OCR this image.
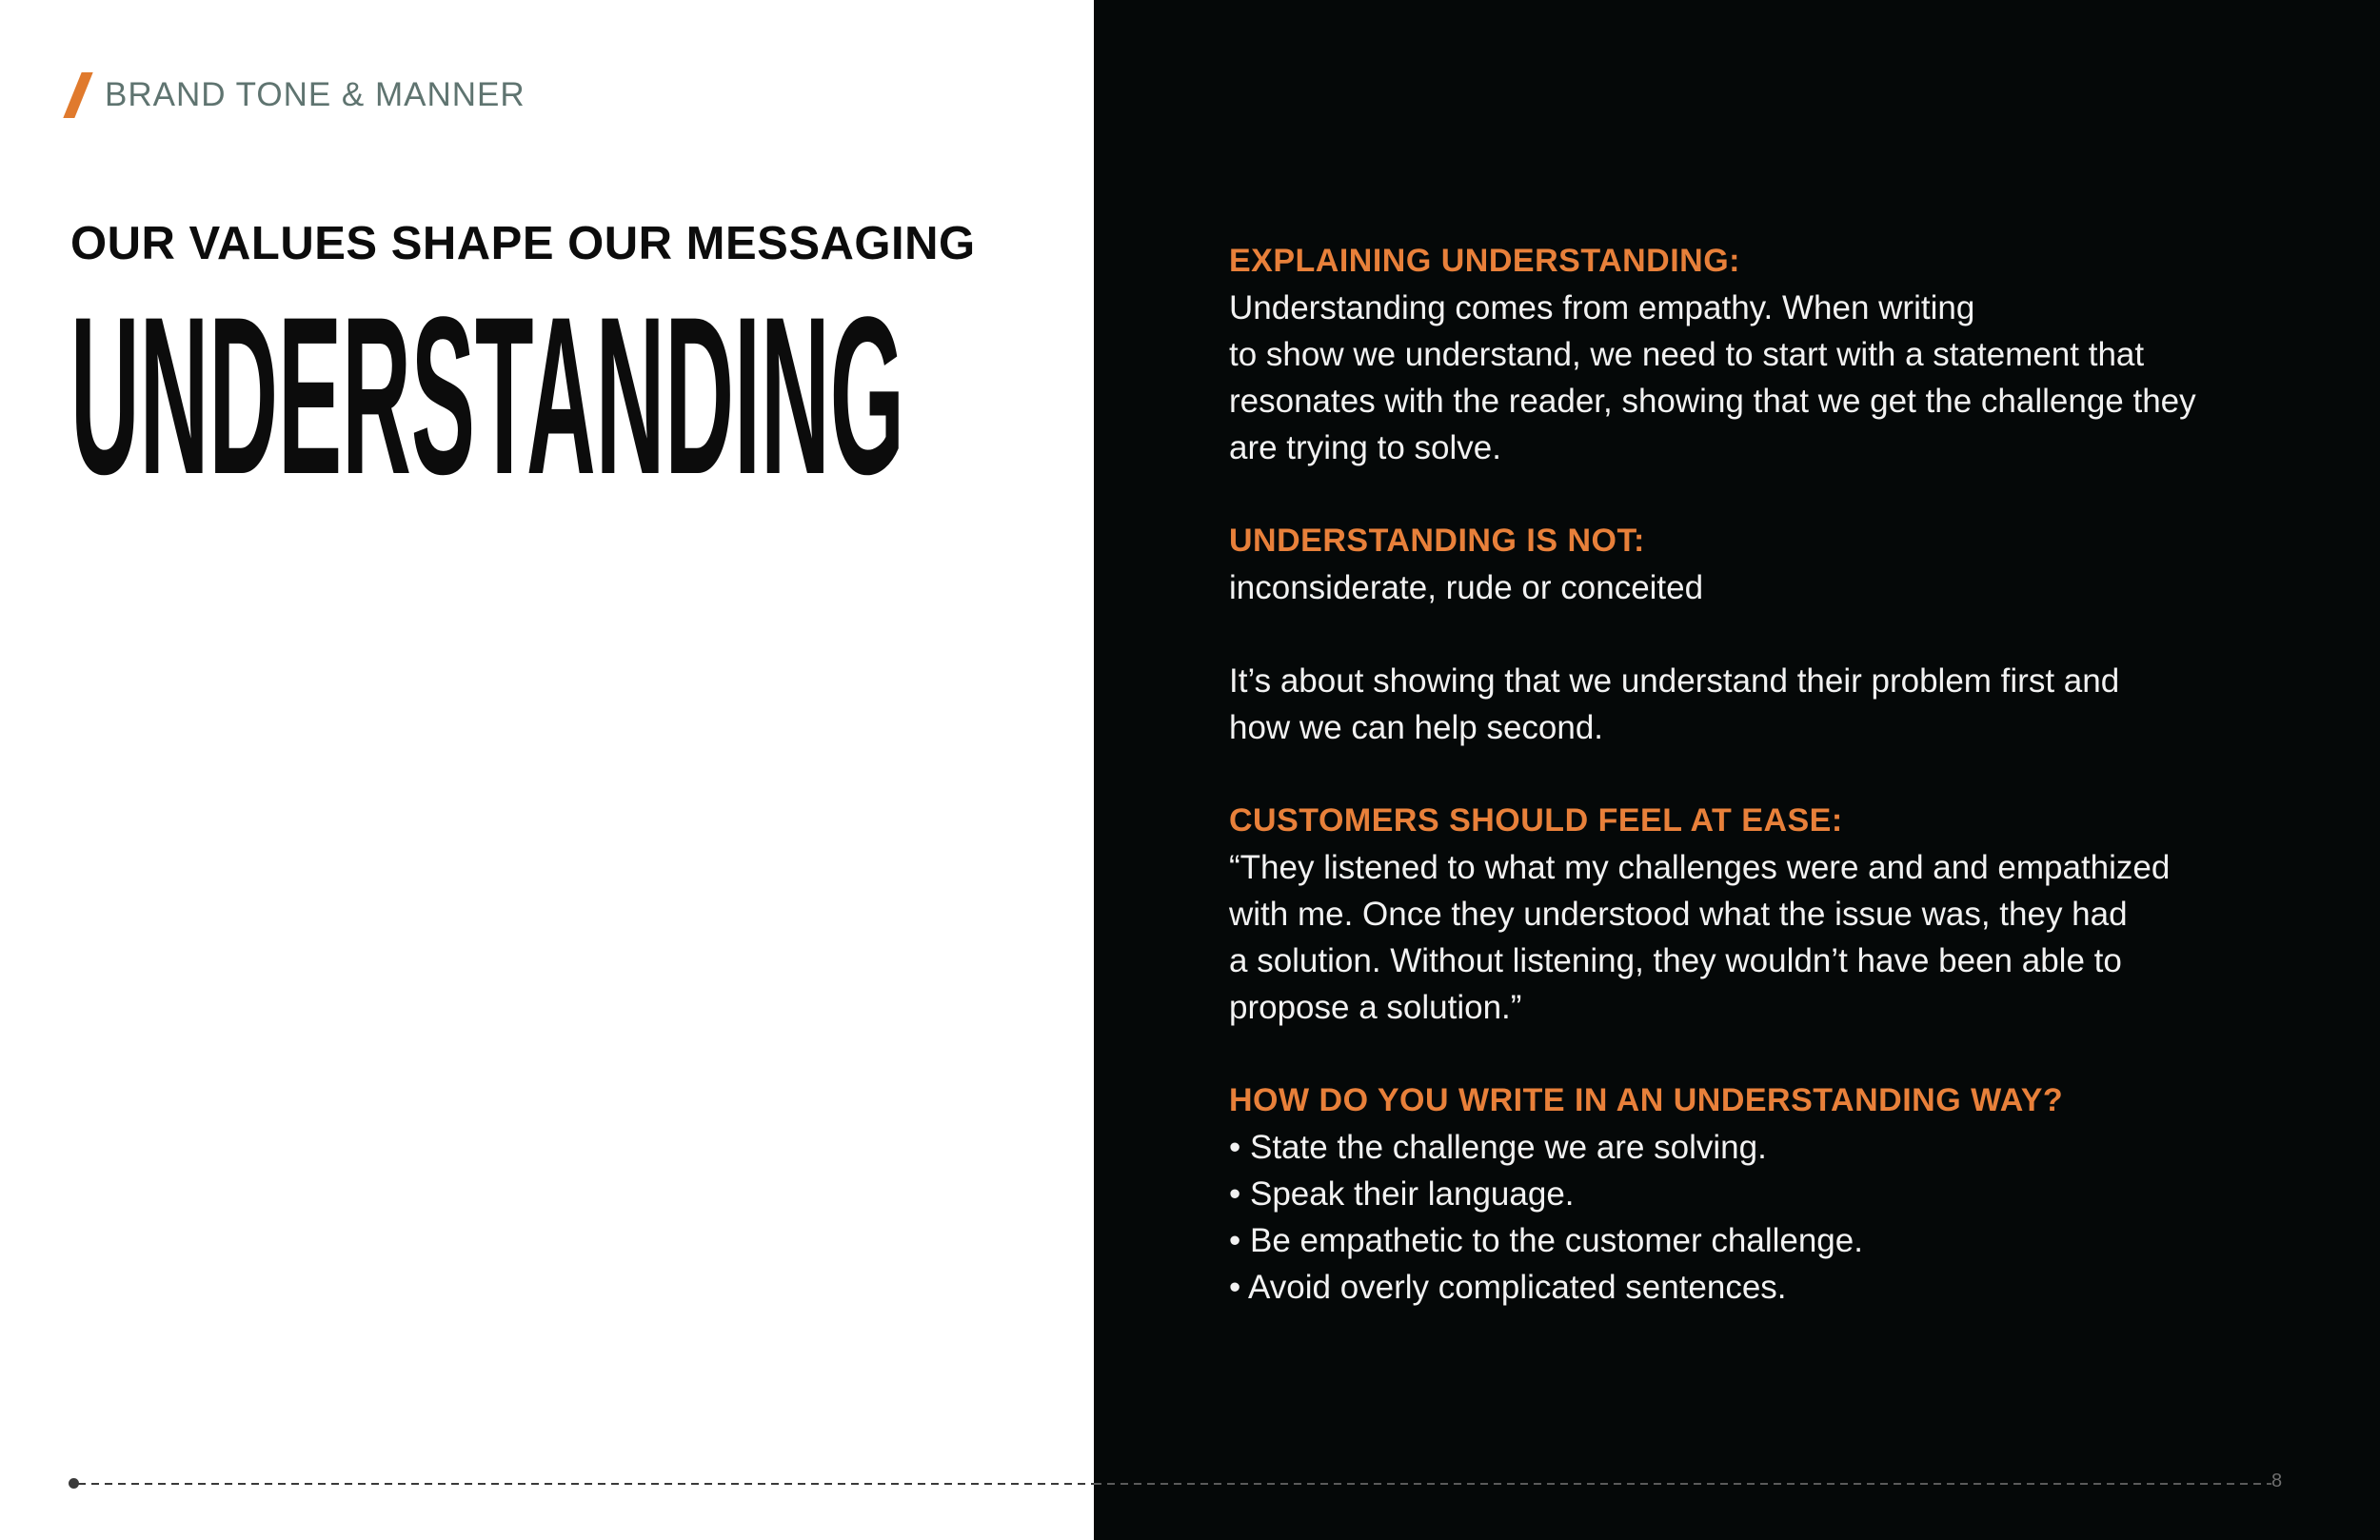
BRAND TONE & MANNER
OUR VALUES SHAPE OUR MESSAGING
UNDERSTANDING
EXPLAINING UNDERSTANDING:
Understanding comes from empathy. When writing
to show we understand, we need to start with a statement that
resonates with the reader, showing that we get the challenge they
are trying to solve.
UNDERSTANDING IS NOT:
inconsiderate, rude or conceited
It’s about showing that we understand their problem first and
how we can help second.
CUSTOMERS SHOULD FEEL AT EASE:
“They listened to what my challenges were and and empathized
with me. Once they understood what the issue was, they had
a solution. Without listening, they wouldn’t have been able to
propose a solution.”
HOW DO YOU WRITE IN AN UNDERSTANDING WAY?
• State the challenge we are solving.
• Speak their language.
• Be empathetic to the customer challenge.
• Avoid overly complicated sentences.
8
